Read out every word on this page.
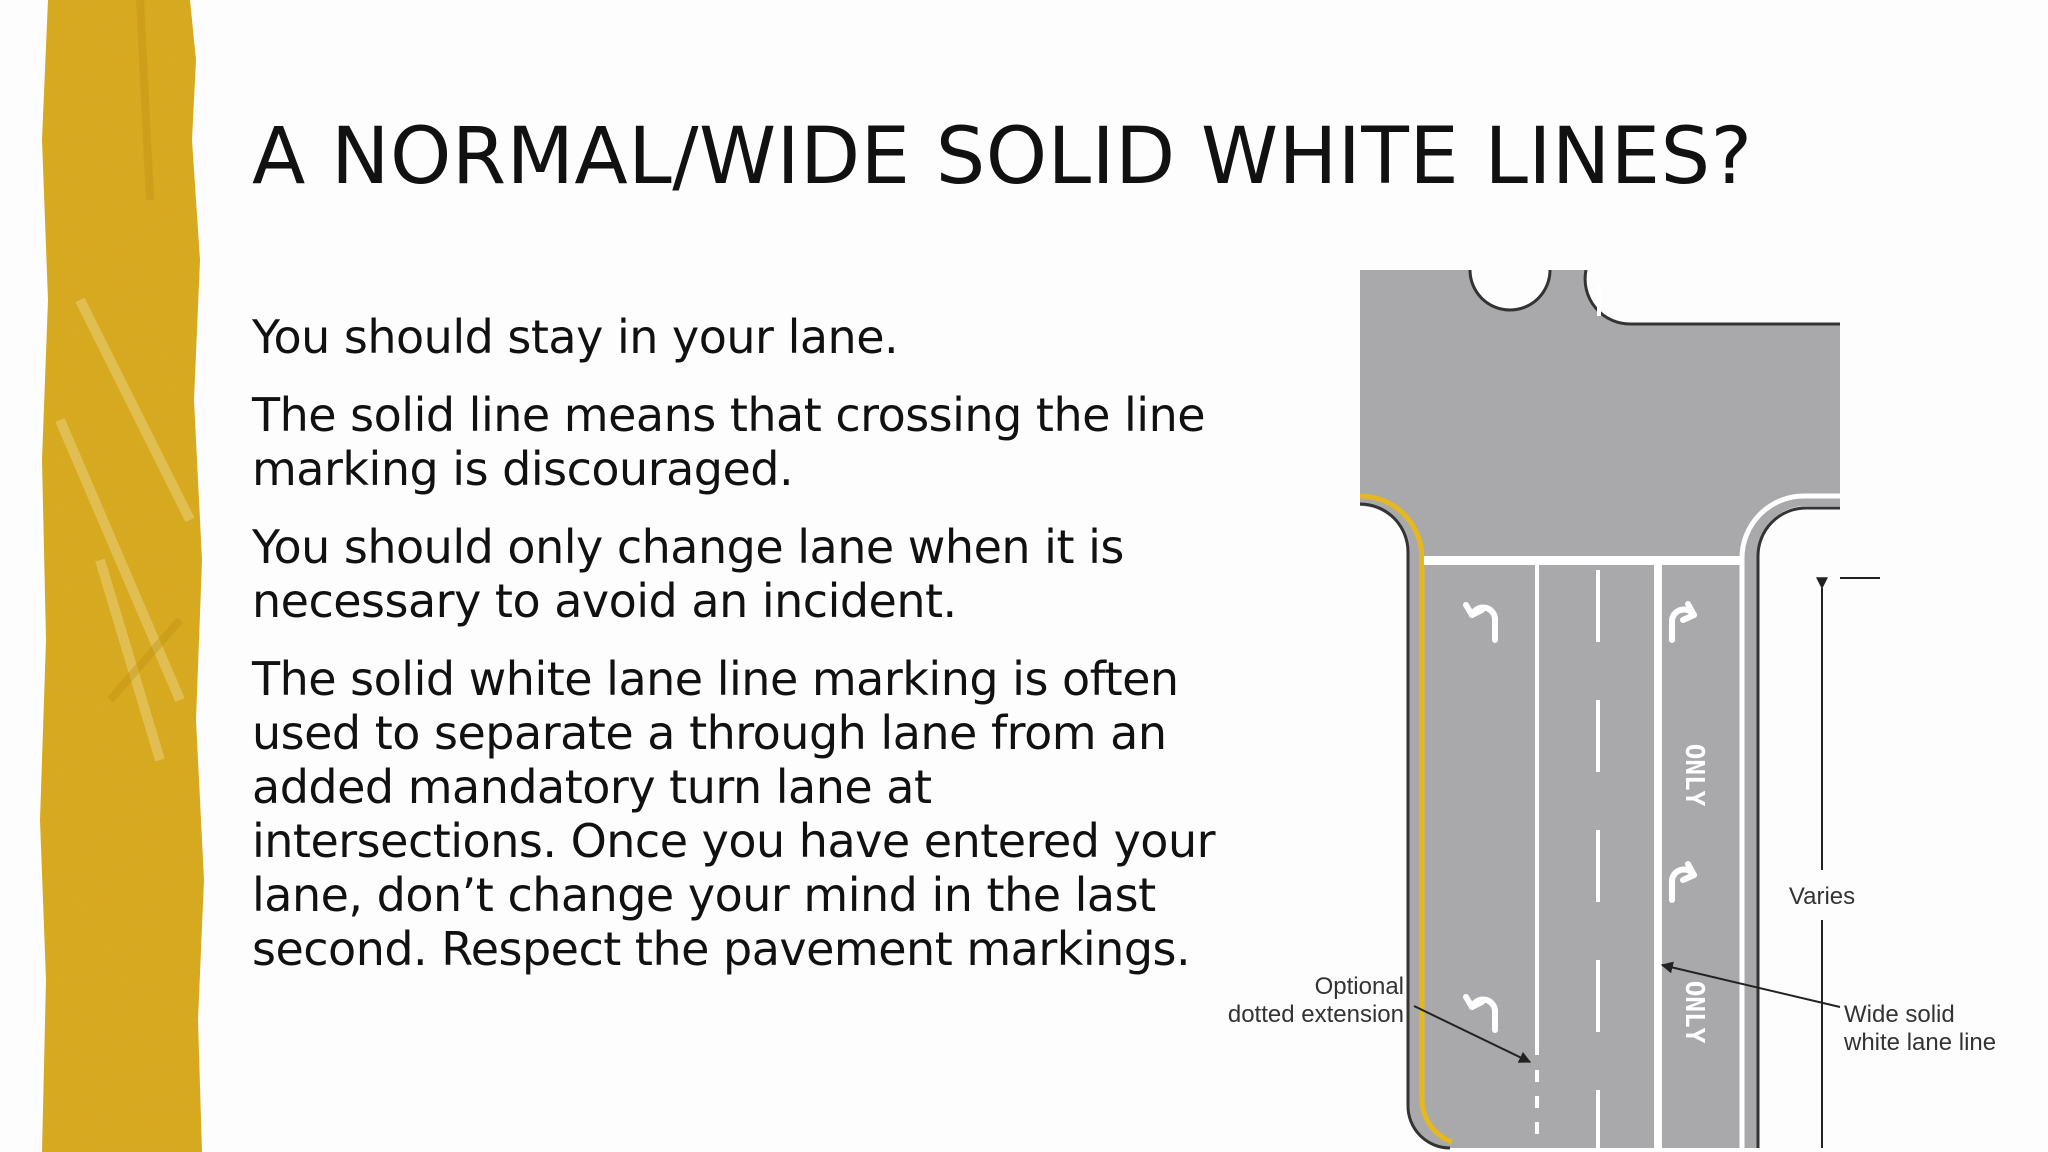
A NORMAL/WIDE SOLID WHITE LINES?

You should stay in your lane.

The solid line means that crossing the line marking is discouraged.

You should only change lane when it is necessary to avoid an incident.

The solid white lane line marking is often used to separate a through lane from an added mandatory turn lane at intersections. Once you have entered your lane, don’t change your mind in the last second. Respect the pavement markings.

ONLY
ONLY
Varies
Wide solid
white lane line
Optional
dotted extension
